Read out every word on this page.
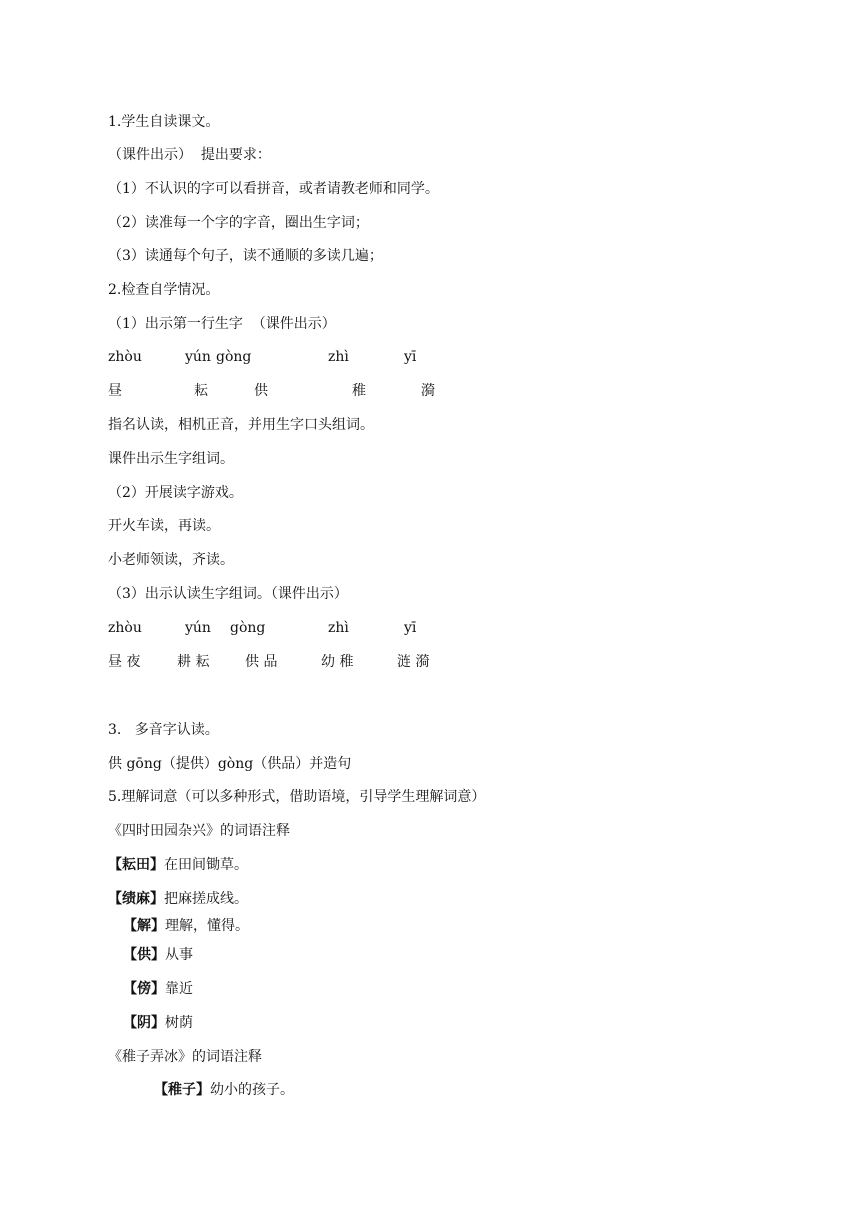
1.学生自读课文。
（课件出示）  提出要求：
（1）不认识的字可以看拼音，或者请教老师和同学。
（2）读准每一个字的字音，圈出生字词；
（3）读通每个句子，读不通顺的多读几遍；
2.检查自学情况。
（1）出示第一行生字  （课件出示）
zhòu	yún gòng	zhì	yī
昼	耘	供	稚	漪
指名认读，相机正音，并用生字口头组词。
课件出示生字组词。
（2）开展读字游戏。
开火车读，再读。
小老师领读，齐读。
（3）出示认读生字组词。（课件出示）
zhòu	yún gòng	zhì	yī
昼 夜	耕 耘	供 品	幼 稚	涟 漪
3.   多音字认读。
供 gōng（提供）gòng（供品）并造句
5.理解词意（可以多种形式，借助语境，引导学生理解词意）
《四时田园杂兴》的词语注释
【耘田】在田间锄草。
【绩麻】把麻搓成线。
【解】理解，懂得。
【供】从事
【傍】靠近
【阴】树荫
《稚子弄冰》的词语注释
【稚子】幼小的孩子。
